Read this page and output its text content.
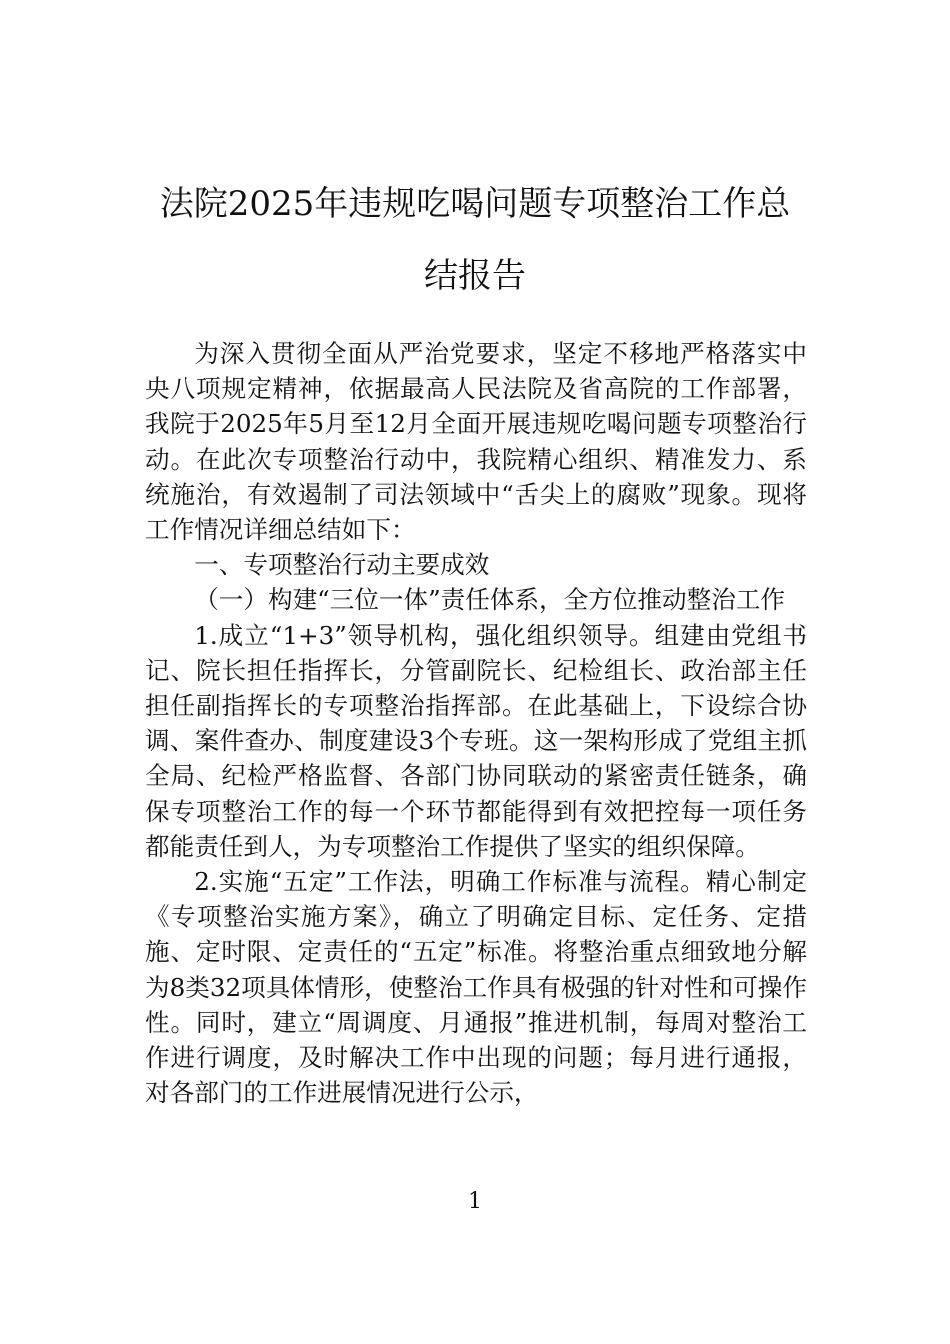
法院2025年违规吃喝问题专项整治工作总
结报告

为深入贯彻全面从严治党要求，坚定不移地严格落实中央八项规定精神，依据最高人民法院及省高院的工作部署，我院于2025年5月至12月全面开展违规吃喝问题专项整治行动。在此次专项整治行动中，我院精心组织、精准发力、系统施治，有效遏制了司法领域中“舌尖上的腐败”现象。现将工作情况详细总结如下：

一、专项整治行动主要成效

（一）构建“三位一体”责任体系，全方位推动整治工作

1.成立“1+3”领导机构，强化组织领导。组建由党组书记、院长担任指挥长，分管副院长、纪检组长、政治部主任担任副指挥长的专项整治指挥部。在此基础上，下设综合协调、案件查办、制度建设3个专班。这一架构形成了党组主抓全局、纪检严格监督、各部门协同联动的紧密责任链条，确保专项整治工作的每一个环节都能得到有效把控每一项任务都能责任到人，为专项整治工作提供了坚实的组织保障。

2.实施“五定”工作法，明确工作标准与流程。精心制定《专项整治实施方案》，确立了明确定目标、定任务、定措施、定时限、定责任的“五定”标准。将整治重点细致地分解为8类32项具体情形，使整治工作具有极强的针对性和可操作性。同时，建立“周调度、月通报”推进机制，每周对整治工作进行调度，及时解决工作中出现的问题；每月进行通报，对各部门的工作进展情况进行公示，

1
